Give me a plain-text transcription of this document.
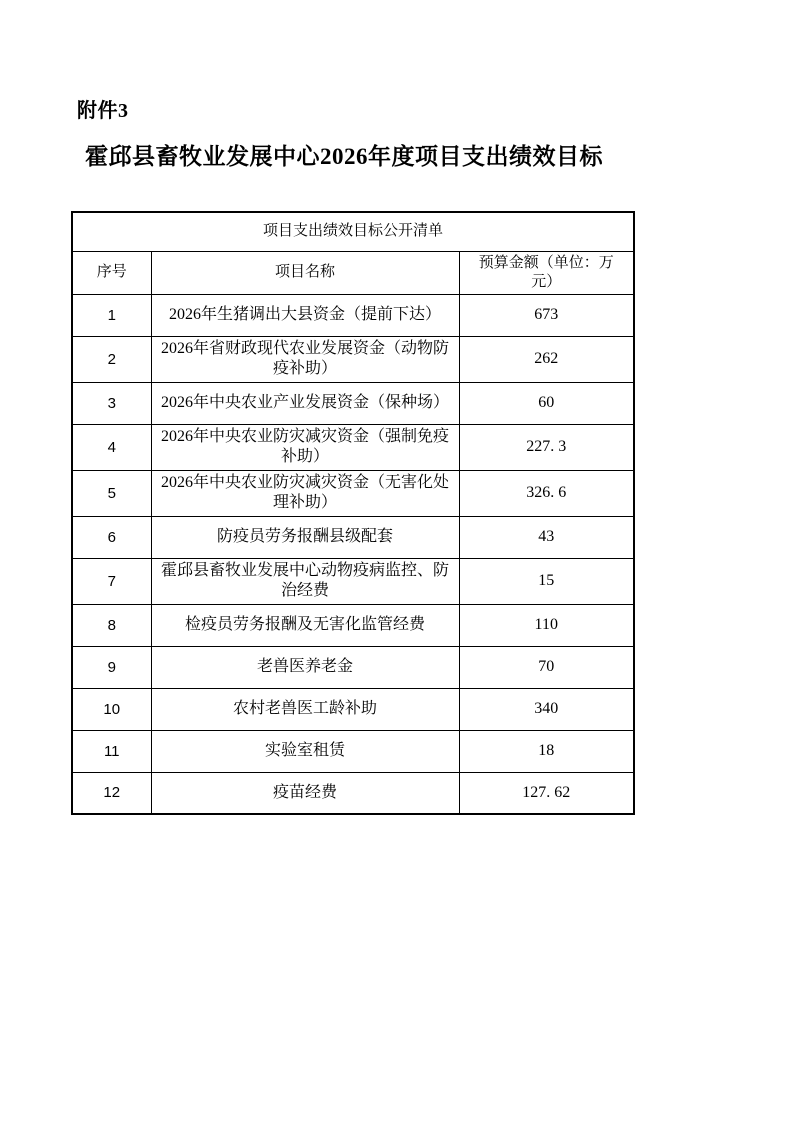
附件3
霍邱县畜牧业发展中心2026年度项目支出绩效目标
项目支出绩效目标公开清单		
序号	项目名称	预算金额（单位：万元）
1	2026年生猪调出大县资金（提前下达）	673
2	2026年省财政现代农业发展资金（动物防疫补助）	262
3	2026年中央农业产业发展资金（保种场）	60
4	2026年中央农业防灾减灾资金（强制免疫补助）	227. 3
5	2026年中央农业防灾减灾资金（无害化处理补助）	326. 6
6	防疫员劳务报酬县级配套	43
7	霍邱县畜牧业发展中心动物疫病监控、防治经费	15
8	检疫员劳务报酬及无害化监管经费	110
9	老兽医养老金	70
10	农村老兽医工龄补助	340
11	实验室租赁	18
12	疫苗经费	127. 62
